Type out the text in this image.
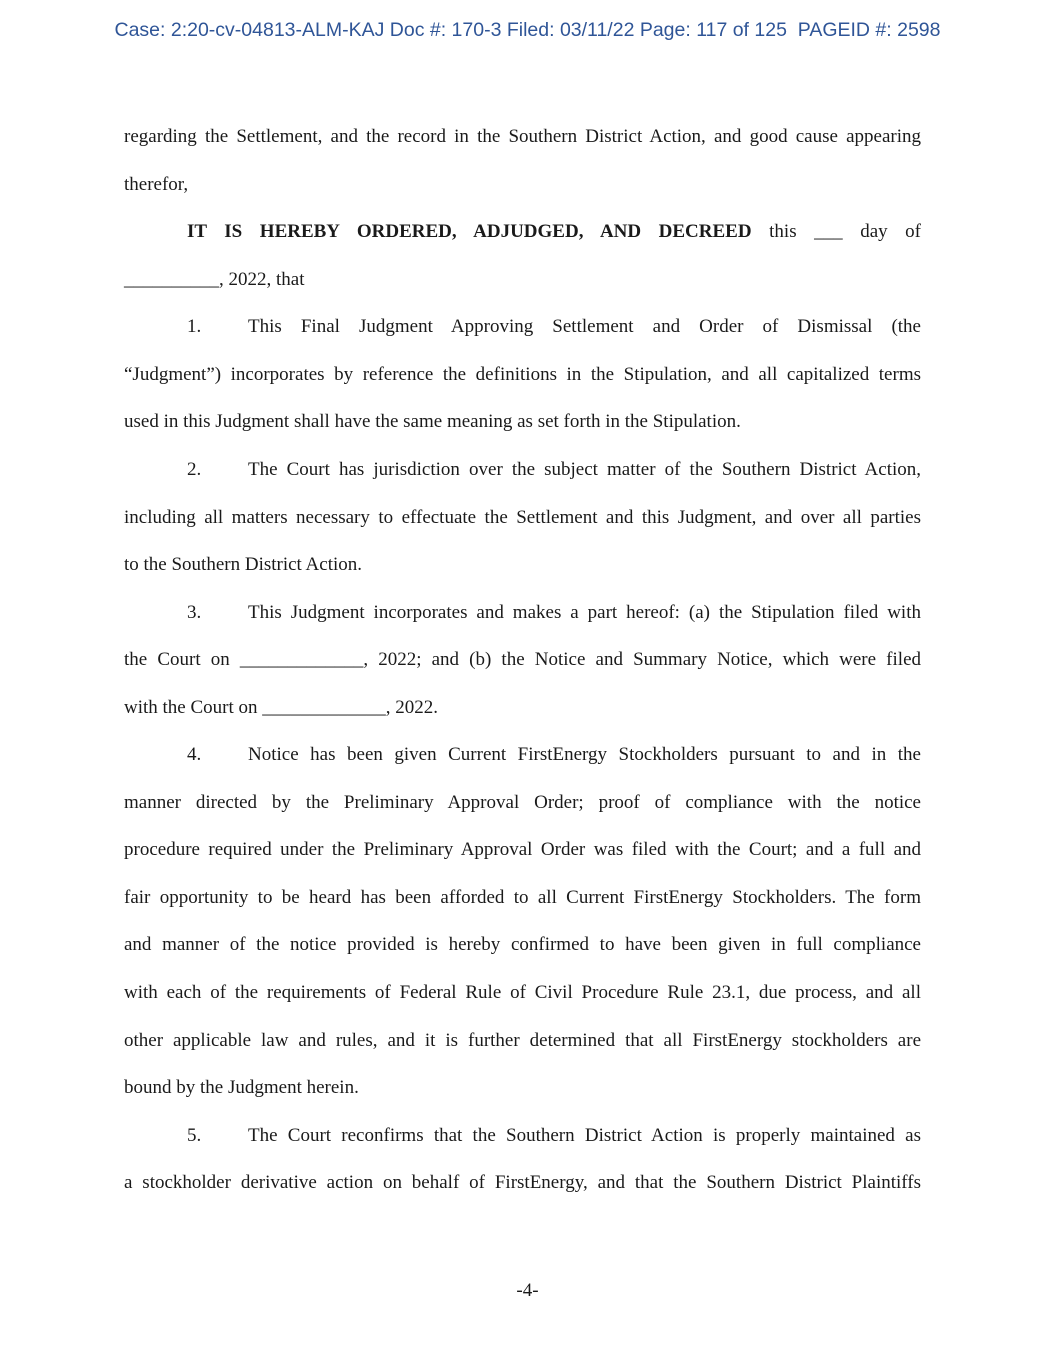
Case: 2:20-cv-04813-ALM-KAJ Doc #: 170-3 Filed: 03/11/22 Page: 117 of 125  PAGEID #: 2598
regarding the Settlement, and the record in the Southern District Action, and good cause appearing
therefor,
IT IS HEREBY ORDERED, ADJUDGED, AND DECREED this ___ day of
__________, 2022, that
1. This Final Judgment Approving Settlement and Order of Dismissal (the
“Judgment”) incorporates by reference the definitions in the Stipulation, and all capitalized terms
used in this Judgment shall have the same meaning as set forth in the Stipulation.
2. The Court has jurisdiction over the subject matter of the Southern District Action,
including all matters necessary to effectuate the Settlement and this Judgment, and over all parties
to the Southern District Action.
3. This Judgment incorporates and makes a part hereof: (a) the Stipulation filed with
the Court on _____________, 2022; and (b) the Notice and Summary Notice, which were filed
with the Court on _____________, 2022.
4. Notice has been given Current FirstEnergy Stockholders pursuant to and in the
manner directed by the Preliminary Approval Order; proof of compliance with the notice
procedure required under the Preliminary Approval Order was filed with the Court; and a full and
fair opportunity to be heard has been afforded to all Current FirstEnergy Stockholders. The form
and manner of the notice provided is hereby confirmed to have been given in full compliance
with each of the requirements of Federal Rule of Civil Procedure Rule 23.1, due process, and all
other applicable law and rules, and it is further determined that all FirstEnergy stockholders are
bound by the Judgment herein.
5. The Court reconfirms that the Southern District Action is properly maintained as
a stockholder derivative action on behalf of FirstEnergy, and that the Southern District Plaintiffs
-4-
